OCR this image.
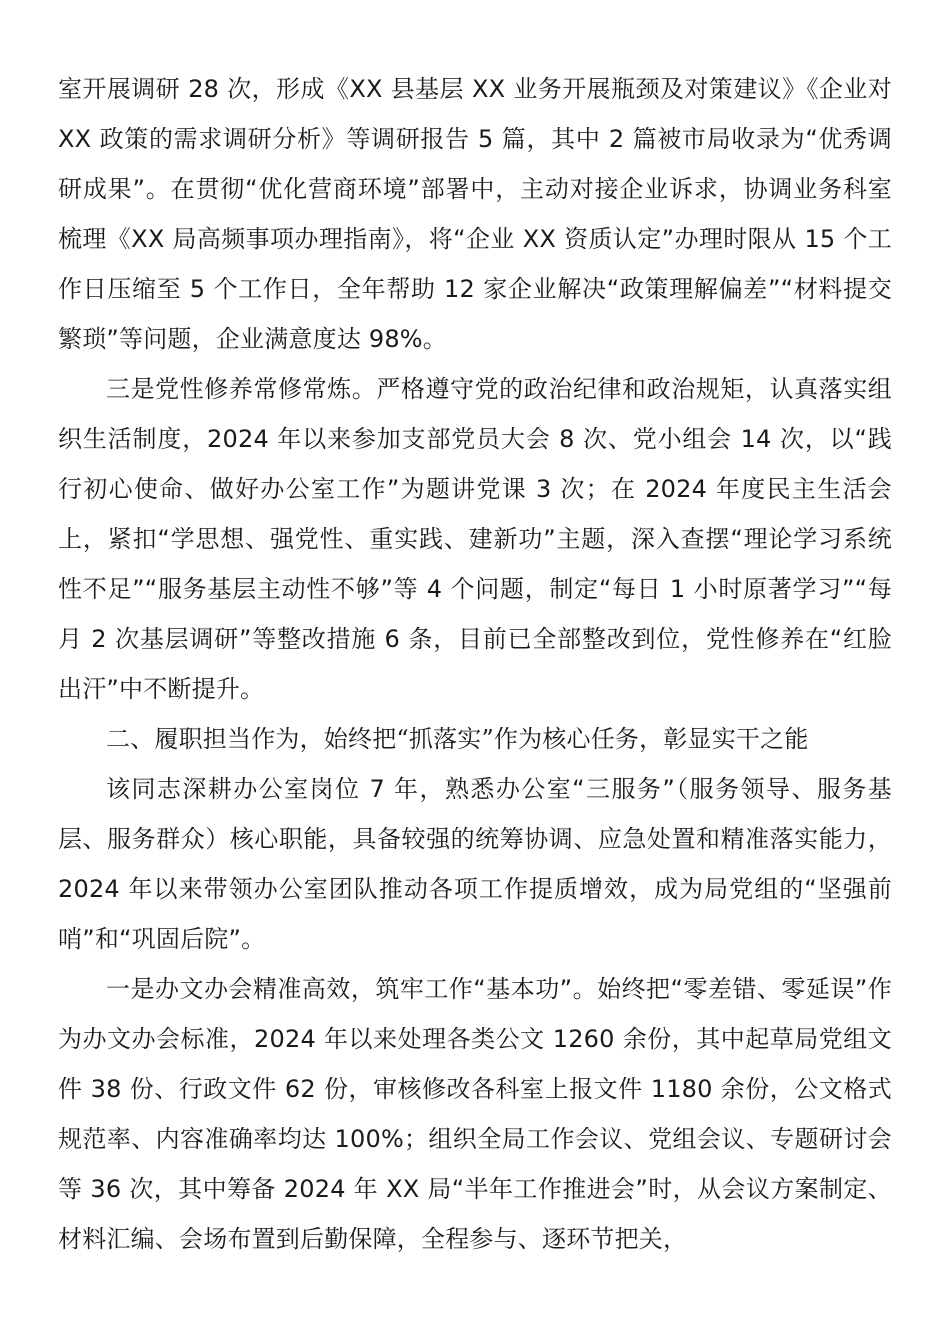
室开展调研 28 次，形成《XX 县基层 XX 业务开展瓶颈及对策建议》《企业对 XX 政策的需求调研分析》等调研报告 5 篇，其中 2 篇被市局收录为“优秀调研成果”。在贯彻“优化营商环境”部署中，主动对接企业诉求，协调业务科室梳理《XX 局高频事项办理指南》，将“企业 XX 资质认定”办理时限从 15 个工作日压缩至 5 个工作日，全年帮助 12 家企业解决“政策理解偏差”“材料提交繁琐”等问题，企业满意度达 98%。

三是党性修养常修常炼。严格遵守党的政治纪律和政治规矩，认真落实组织生活制度，2024 年以来参加支部党员大会 8 次、党小组会 14 次，以“践行初心使命、做好办公室工作”为题讲党课 3 次；在 2024 年度民主生活会上，紧扣“学思想、强党性、重实践、建新功”主题，深入查摆“理论学习系统性不足”“服务基层主动性不够”等 4 个问题，制定“每日 1 小时原著学习”“每月 2 次基层调研”等整改措施 6 条，目前已全部整改到位，党性修养在“红脸出汗”中不断提升。

二、履职担当作为，始终把“抓落实”作为核心任务，彰显实干之能

该同志深耕办公室岗位 7 年，熟悉办公室“三服务”（服务领导、服务基层、服务群众）核心职能，具备较强的统筹协调、应急处置和精准落实能力，2024 年以来带领办公室团队推动各项工作提质增效，成为局党组的“坚强前哨”和“巩固后院”。

一是办文办会精准高效，筑牢工作“基本功”。始终把“零差错、零延误”作为办文办会标准，2024 年以来处理各类公文 1260 余份，其中起草局党组文件 38 份、行政文件 62 份，审核修改各科室上报文件 1180 余份，公文格式规范率、内容准确率均达 100%；组织全局工作会议、党组会议、专题研讨会等 36 次，其中筹备 2024 年 XX 局“半年工作推进会”时，从会议方案制定、材料汇编、会场布置到后勤保障，全程参与、逐环节把关，
